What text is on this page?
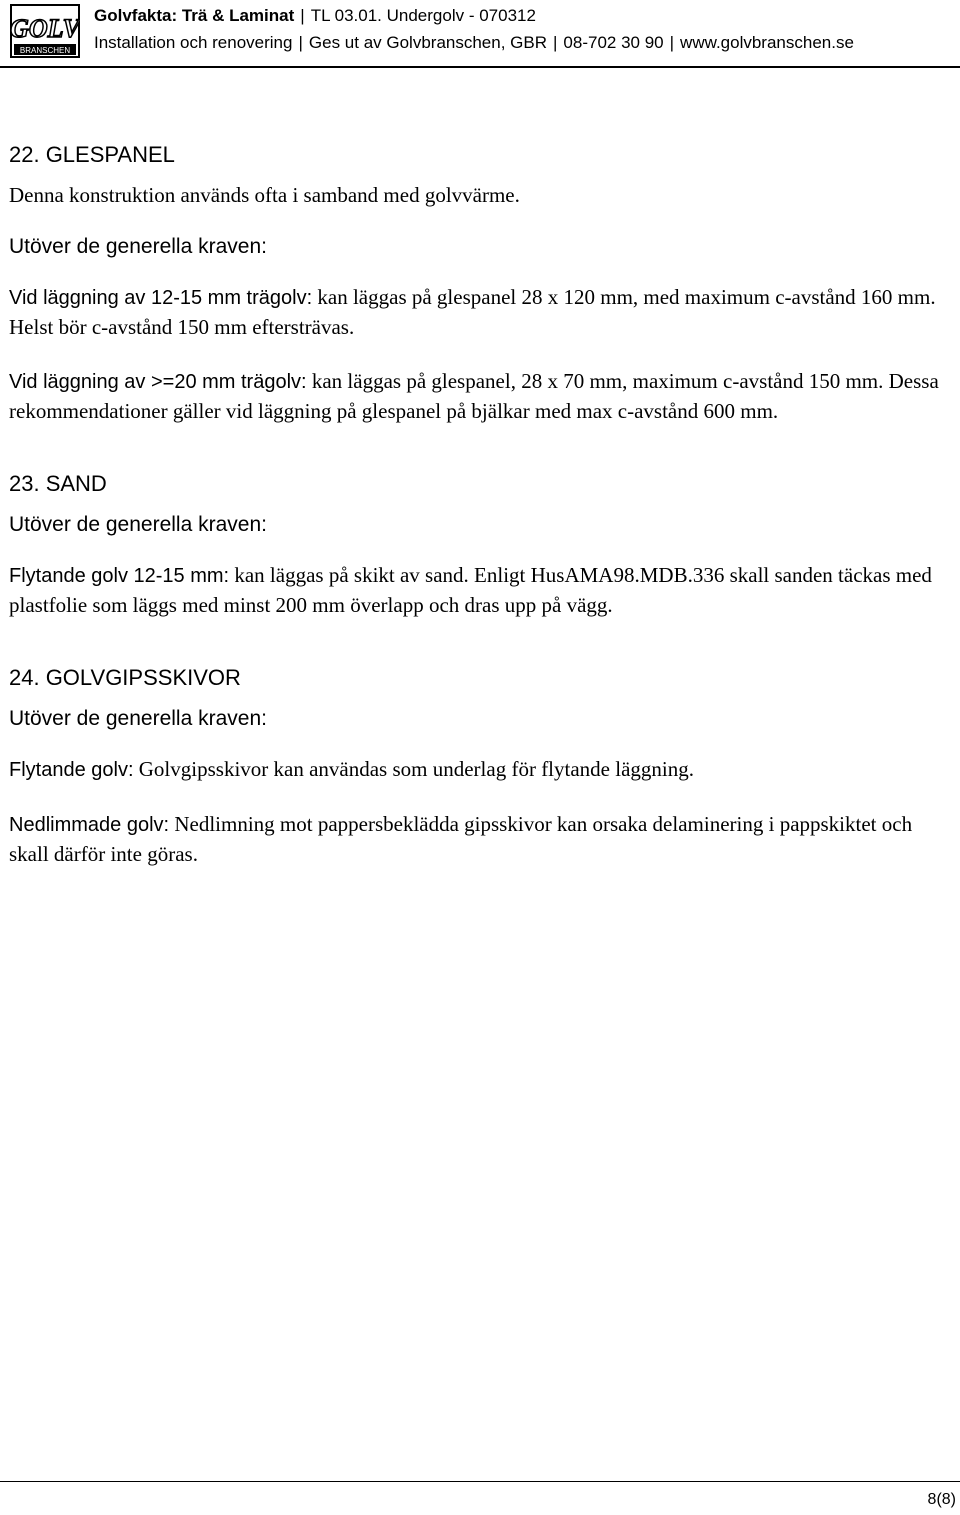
GOLV
BRANSCHEN
Golvfakta: Trä & Laminat | TL 03.01. Undergolv - 070312
Installation och renovering | Ges ut av Golvbranschen, GBR | 08-702 30 90 | www.golvbranschen.se

22. GLESPANEL

Denna konstruktion används ofta i samband med golvvärme.

Utöver de generella kraven:

Vid läggning av 12-15 mm trägolv: kan läggas på glespanel 28 x 120 mm, med maximum c-avstånd 160 mm. Helst bör c-avstånd 150 mm eftersträvas.

Vid läggning av >=20 mm trägolv: kan läggas på glespanel, 28 x 70 mm, maximum c-avstånd 150 mm. Dessa rekommendationer gäller vid läggning på glespanel på bjälkar med max c-avstånd 600 mm.

23. SAND

Utöver de generella kraven:

Flytande golv 12-15 mm: kan läggas på skikt av sand. Enligt HusAMA98.MDB.336 skall sanden täckas med plastfolie som läggs med minst 200 mm överlapp och dras upp på vägg.

24. GOLVGIPSSKIVOR

Utöver de generella kraven:

Flytande golv: Golvgipsskivor kan användas som underlag för flytande läggning.

Nedlimmade golv: Nedlimning mot pappersbeklädda gipsskivor kan orsaka delaminering i pappskiktet och skall därför inte göras.

8(8)
